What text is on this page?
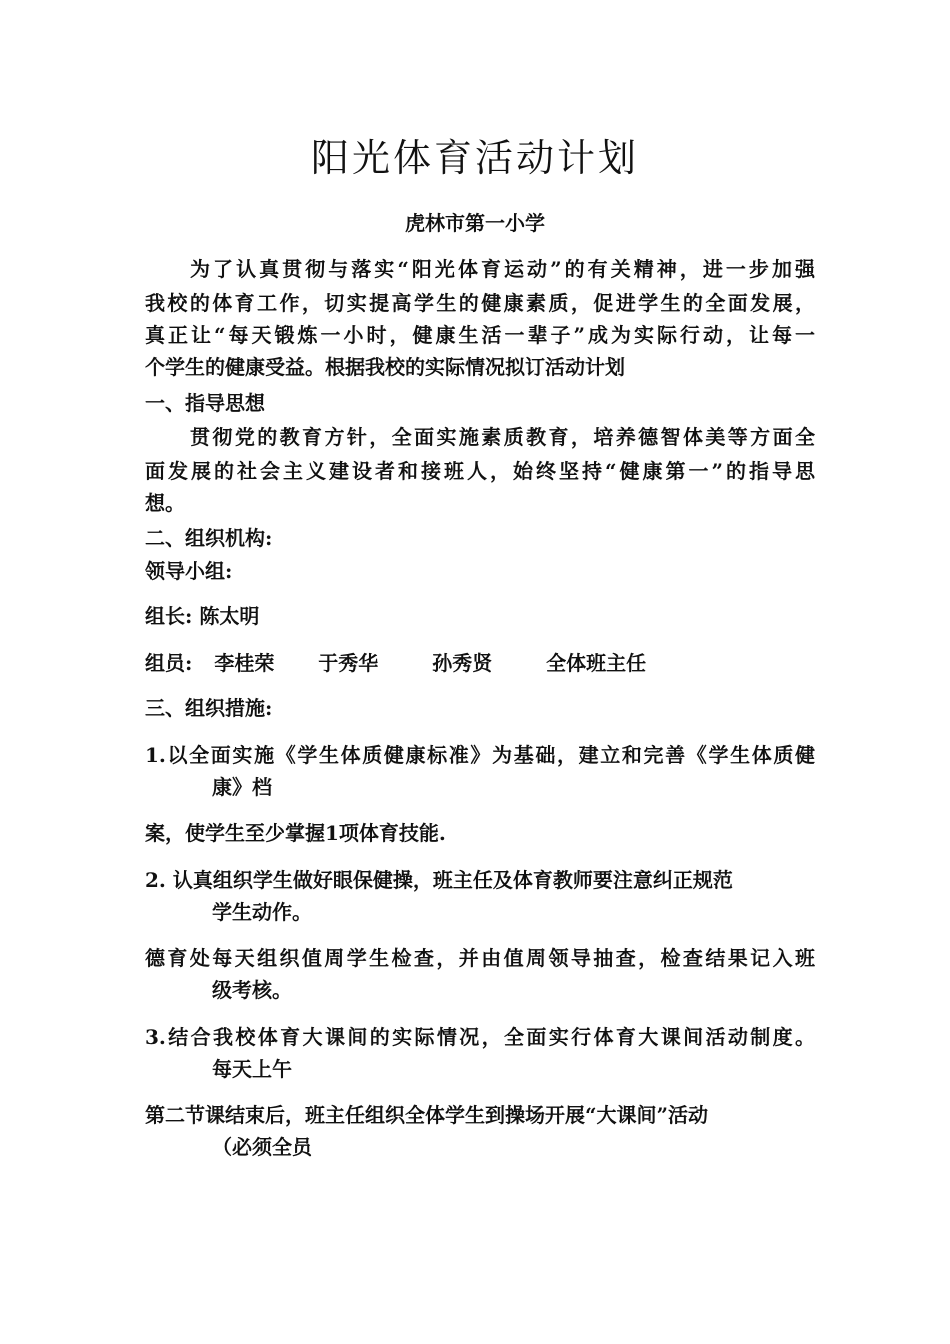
阳光体育活动计划
虎林市第一小学
为了认真贯彻与落实“阳光体育运动”的有关精神，进一步加强
我校的体育工作，切实提高学生的健康素质，促进学生的全面发展，
真正让“每天锻炼一小时，健康生活一辈子”成为实际行动，让每一
个学生的健康受益。根据我校的实际情况拟订活动计划
一、指导思想
贯彻党的教育方针，全面实施素质教育，培养德智体美等方面全
面发展的社会主义建设者和接班人，始终坚持“健康第一”的指导思
想。
二、组织机构:
领导小组:
组长: 陈太明
组员: 李桂荣 于秀华	孙秀贤	全体班主任
三、组织措施:
1.以全面实施《学生体质健康标准》为基础，建立和完善《学生体质健
康》档
案，使学生至少掌握1项体育技能.
2. 认真组织学生做好眼保健操，班主任及体育教师要注意纠正规范
学生动作。
德育处每天组织值周学生检查，并由值周领导抽查，检查结果记入班
级考核。
3.结合我校体育大课间的实际情况，全面实行体育大课间活动制度。
每天上午
第二节课结束后，班主任组织全体学生到操场开展“大课间”活动
（必须全员
